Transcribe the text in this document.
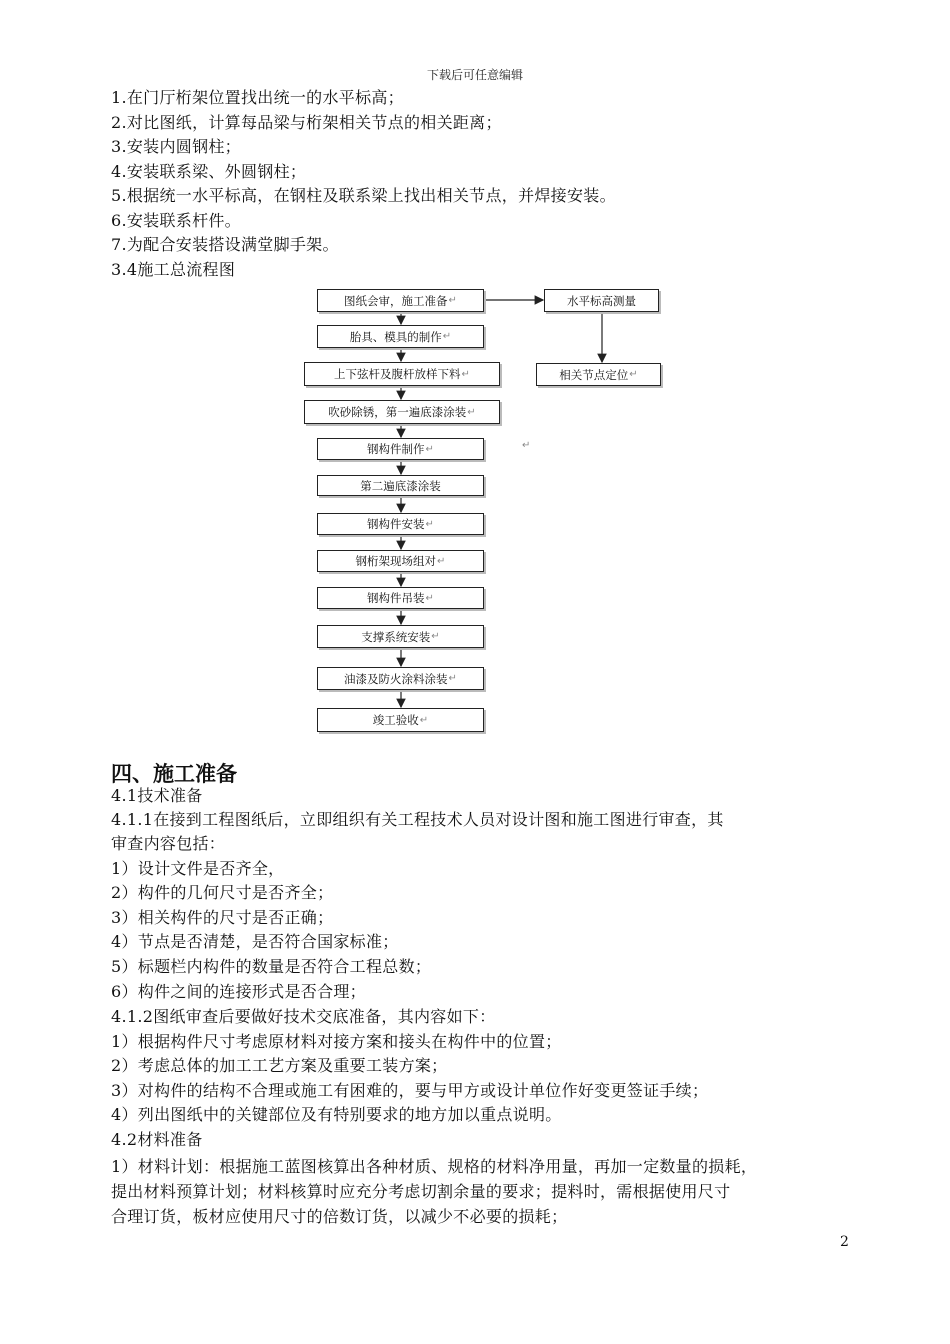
下载后可任意编辑
1.在门厅桁架位置找出统一的水平标高；
2.对比图纸，计算每品梁与桁架相关节点的相关距离；
3.安装内圆钢柱；
4.安装联系梁、外圆钢柱；
5.根据统一水平标高，在钢柱及联系梁上找出相关节点，并焊接安装。
6.安装联系杆件。
7.为配合安装搭设满堂脚手架。
3.4施工总流程图
图纸会审，施工准备 ↵
胎具、模具的制作 ↵
上下弦杆及腹杆放样下料 ↵
吹砂除锈，第一遍底漆涂装 ↵
钢构件制作 ↵
第二遍底漆涂装
钢构件安装 ↵
钢桁架现场组对 ↵
钢构件吊装 ↵
支撑系统安装 ↵
油漆及防火涂料涂装 ↵
竣工验收 ↵
水平标高测量
相关节点定位 ↵
↵
四、施工准备
4.1技术准备
4.1.1在接到工程图纸后，立即组织有关工程技术人员对设计图和施工图进行审查，其
审查内容包括：
1）设计文件是否齐全，
2）构件的几何尺寸是否齐全；
3）相关构件的尺寸是否正确；
4）节点是否清楚，是否符合国家标准；
5）标题栏内构件的数量是否符合工程总数；
6）构件之间的连接形式是否合理；
4.1.2图纸审查后要做好技术交底准备，其内容如下：
1）根据构件尺寸考虑原材料对接方案和接头在构件中的位置；
2）考虑总体的加工工艺方案及重要工装方案；
3）对构件的结构不合理或施工有困难的，要与甲方或设计单位作好变更签证手续；
4）列出图纸中的关键部位及有特别要求的地方加以重点说明。
4.2材料准备
1）材料计划：根据施工蓝图核算出各种材质、规格的材料净用量，再加一定数量的损耗，
提出材料预算计划；材料核算时应充分考虑切割余量的要求；提料时，需根据使用尺寸
合理订货，板材应使用尺寸的倍数订货，以减少不必要的损耗；
2
